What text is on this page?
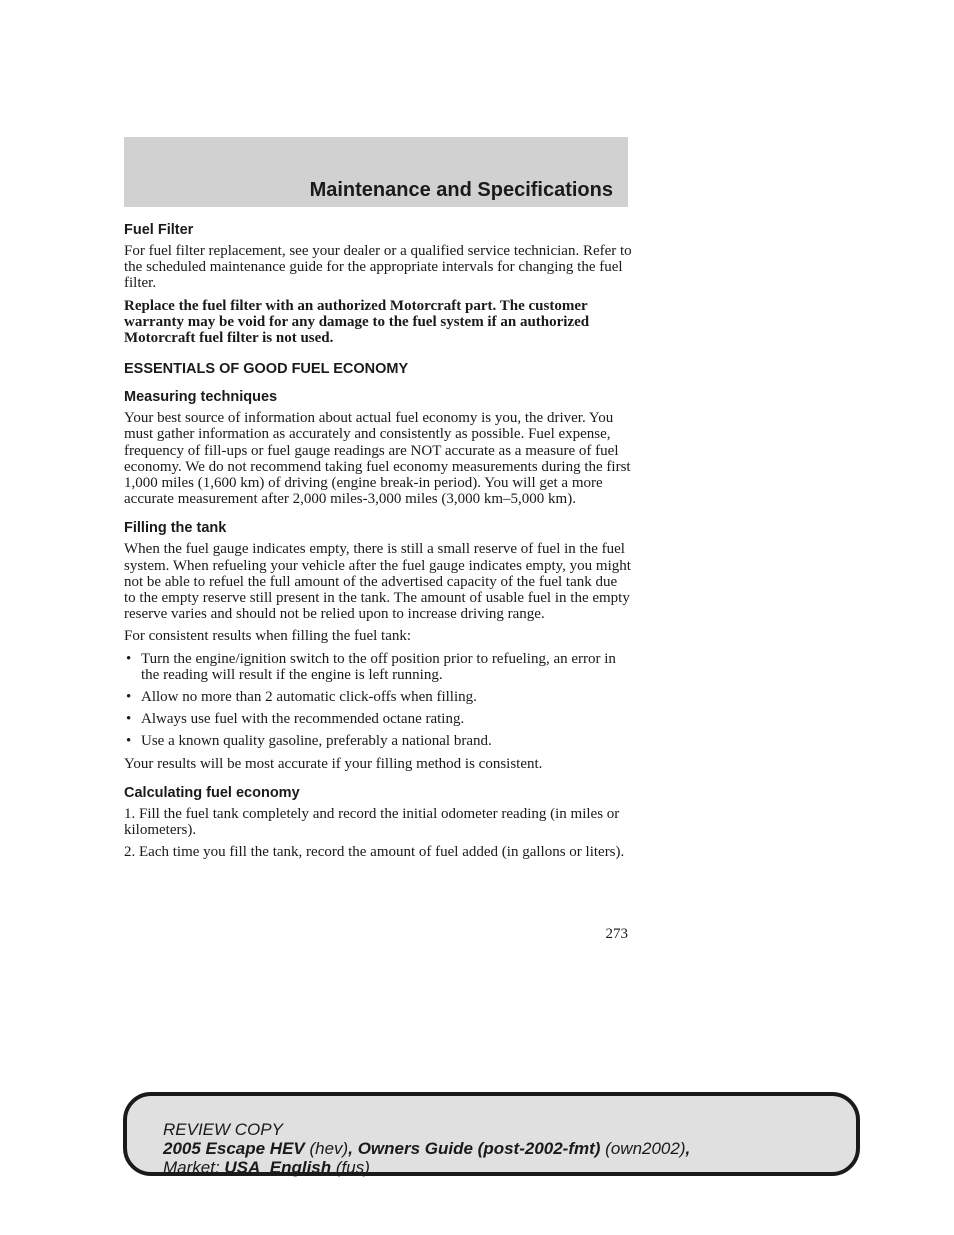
Maintenance and Specifications
Fuel Filter

For fuel filter replacement, see your dealer or a qualified service technician. Refer to the scheduled maintenance guide for the appropriate intervals for changing the fuel filter.

Replace the fuel filter with an authorized Motorcraft part. The customer warranty may be void for any damage to the fuel system if an authorized Motorcraft fuel filter is not used.

ESSENTIALS OF GOOD FUEL ECONOMY
Measuring techniques

Your best source of information about actual fuel economy is you, the driver. You must gather information as accurately and consistently as possible. Fuel expense, frequency of fill-ups or fuel gauge readings are NOT accurate as a measure of fuel economy. We do not recommend taking fuel economy measurements during the first 1,000 miles (1,600 km) of driving (engine break-in period). You will get a more accurate measurement after 2,000 miles-3,000 miles (3,000 km–5,000 km).

Filling the tank

When the fuel gauge indicates empty, there is still a small reserve of fuel in the fuel system. When refueling your vehicle after the fuel gauge indicates empty, you might not be able to refuel the full amount of the advertised capacity of the fuel tank due to the empty reserve still present in the tank. The amount of usable fuel in the empty reserve varies and should not be relied upon to increase driving range.

For consistent results when filling the fuel tank:

• Turn the engine/ignition switch to the off position prior to refueling, an error in the reading will result if the engine is left running.
• Allow no more than 2 automatic click-offs when filling.
• Always use fuel with the recommended octane rating.
• Use a known quality gasoline, preferably a national brand.

Your results will be most accurate if your filling method is consistent.

Calculating fuel economy

1. Fill the fuel tank completely and record the initial odometer reading (in miles or kilometers).

2. Each time you fill the tank, record the amount of fuel added (in gallons or liters).

273
REVIEW COPY
2005 Escape HEV (hev), Owners Guide (post-2002-fmt) (own2002),
Market: USA_English (fus)
